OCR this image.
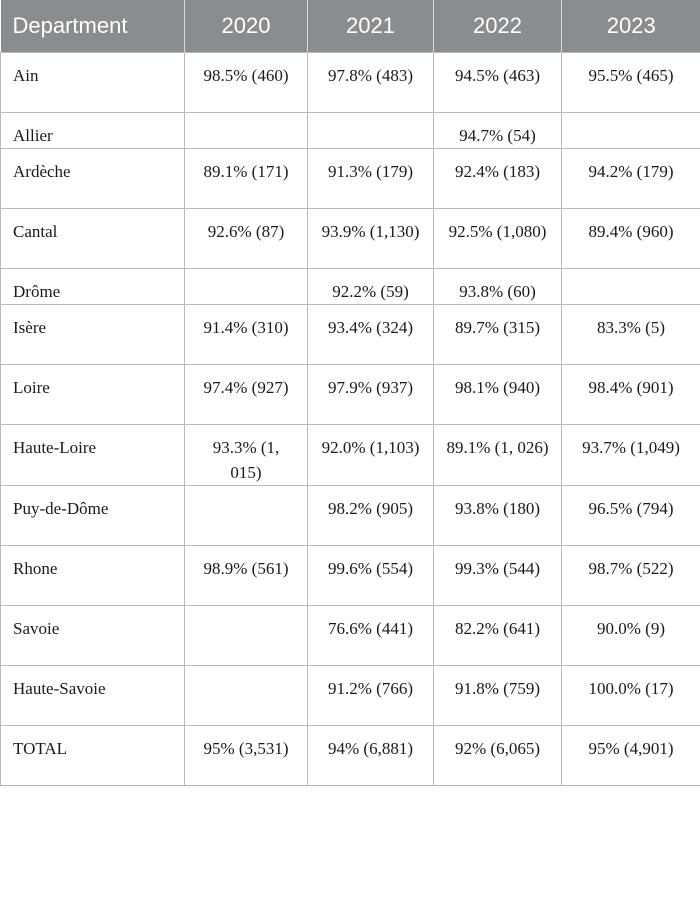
Department	2020	2021	2022	2023
Ain	98.5% (460)	97.8% (483)	94.5% (463)	95.5% (465)
Allier			94.7% (54)	
Ardèche	89.1% (171)	91.3% (179)	92.4% (183)	94.2% (179)
Cantal	92.6% (87)	93.9% (1,130)	92.5% (1,080)	89.4% (960)
Drôme		92.2% (59)	93.8% (60)	
Isère	91.4% (310)	93.4% (324)	89.7% (315)	83.3% (5)
Loire	97.4% (927)	97.9% (937)	98.1% (940)	98.4% (901)
Haute-Loire	93.3% (1, 015)	92.0% (1,103)	89.1% (1, 026)	93.7% (1,049)
Puy-de-Dôme		98.2% (905)	93.8% (180)	96.5% (794)
Rhone	98.9% (561)	99.6% (554)	99.3% (544)	98.7% (522)
Savoie		76.6% (441)	82.2% (641)	90.0% (9)
Haute-Savoie		91.2% (766)	91.8% (759)	100.0% (17)
TOTAL	95% (3,531)	94% (6,881)	92% (6,065)	95% (4,901)
